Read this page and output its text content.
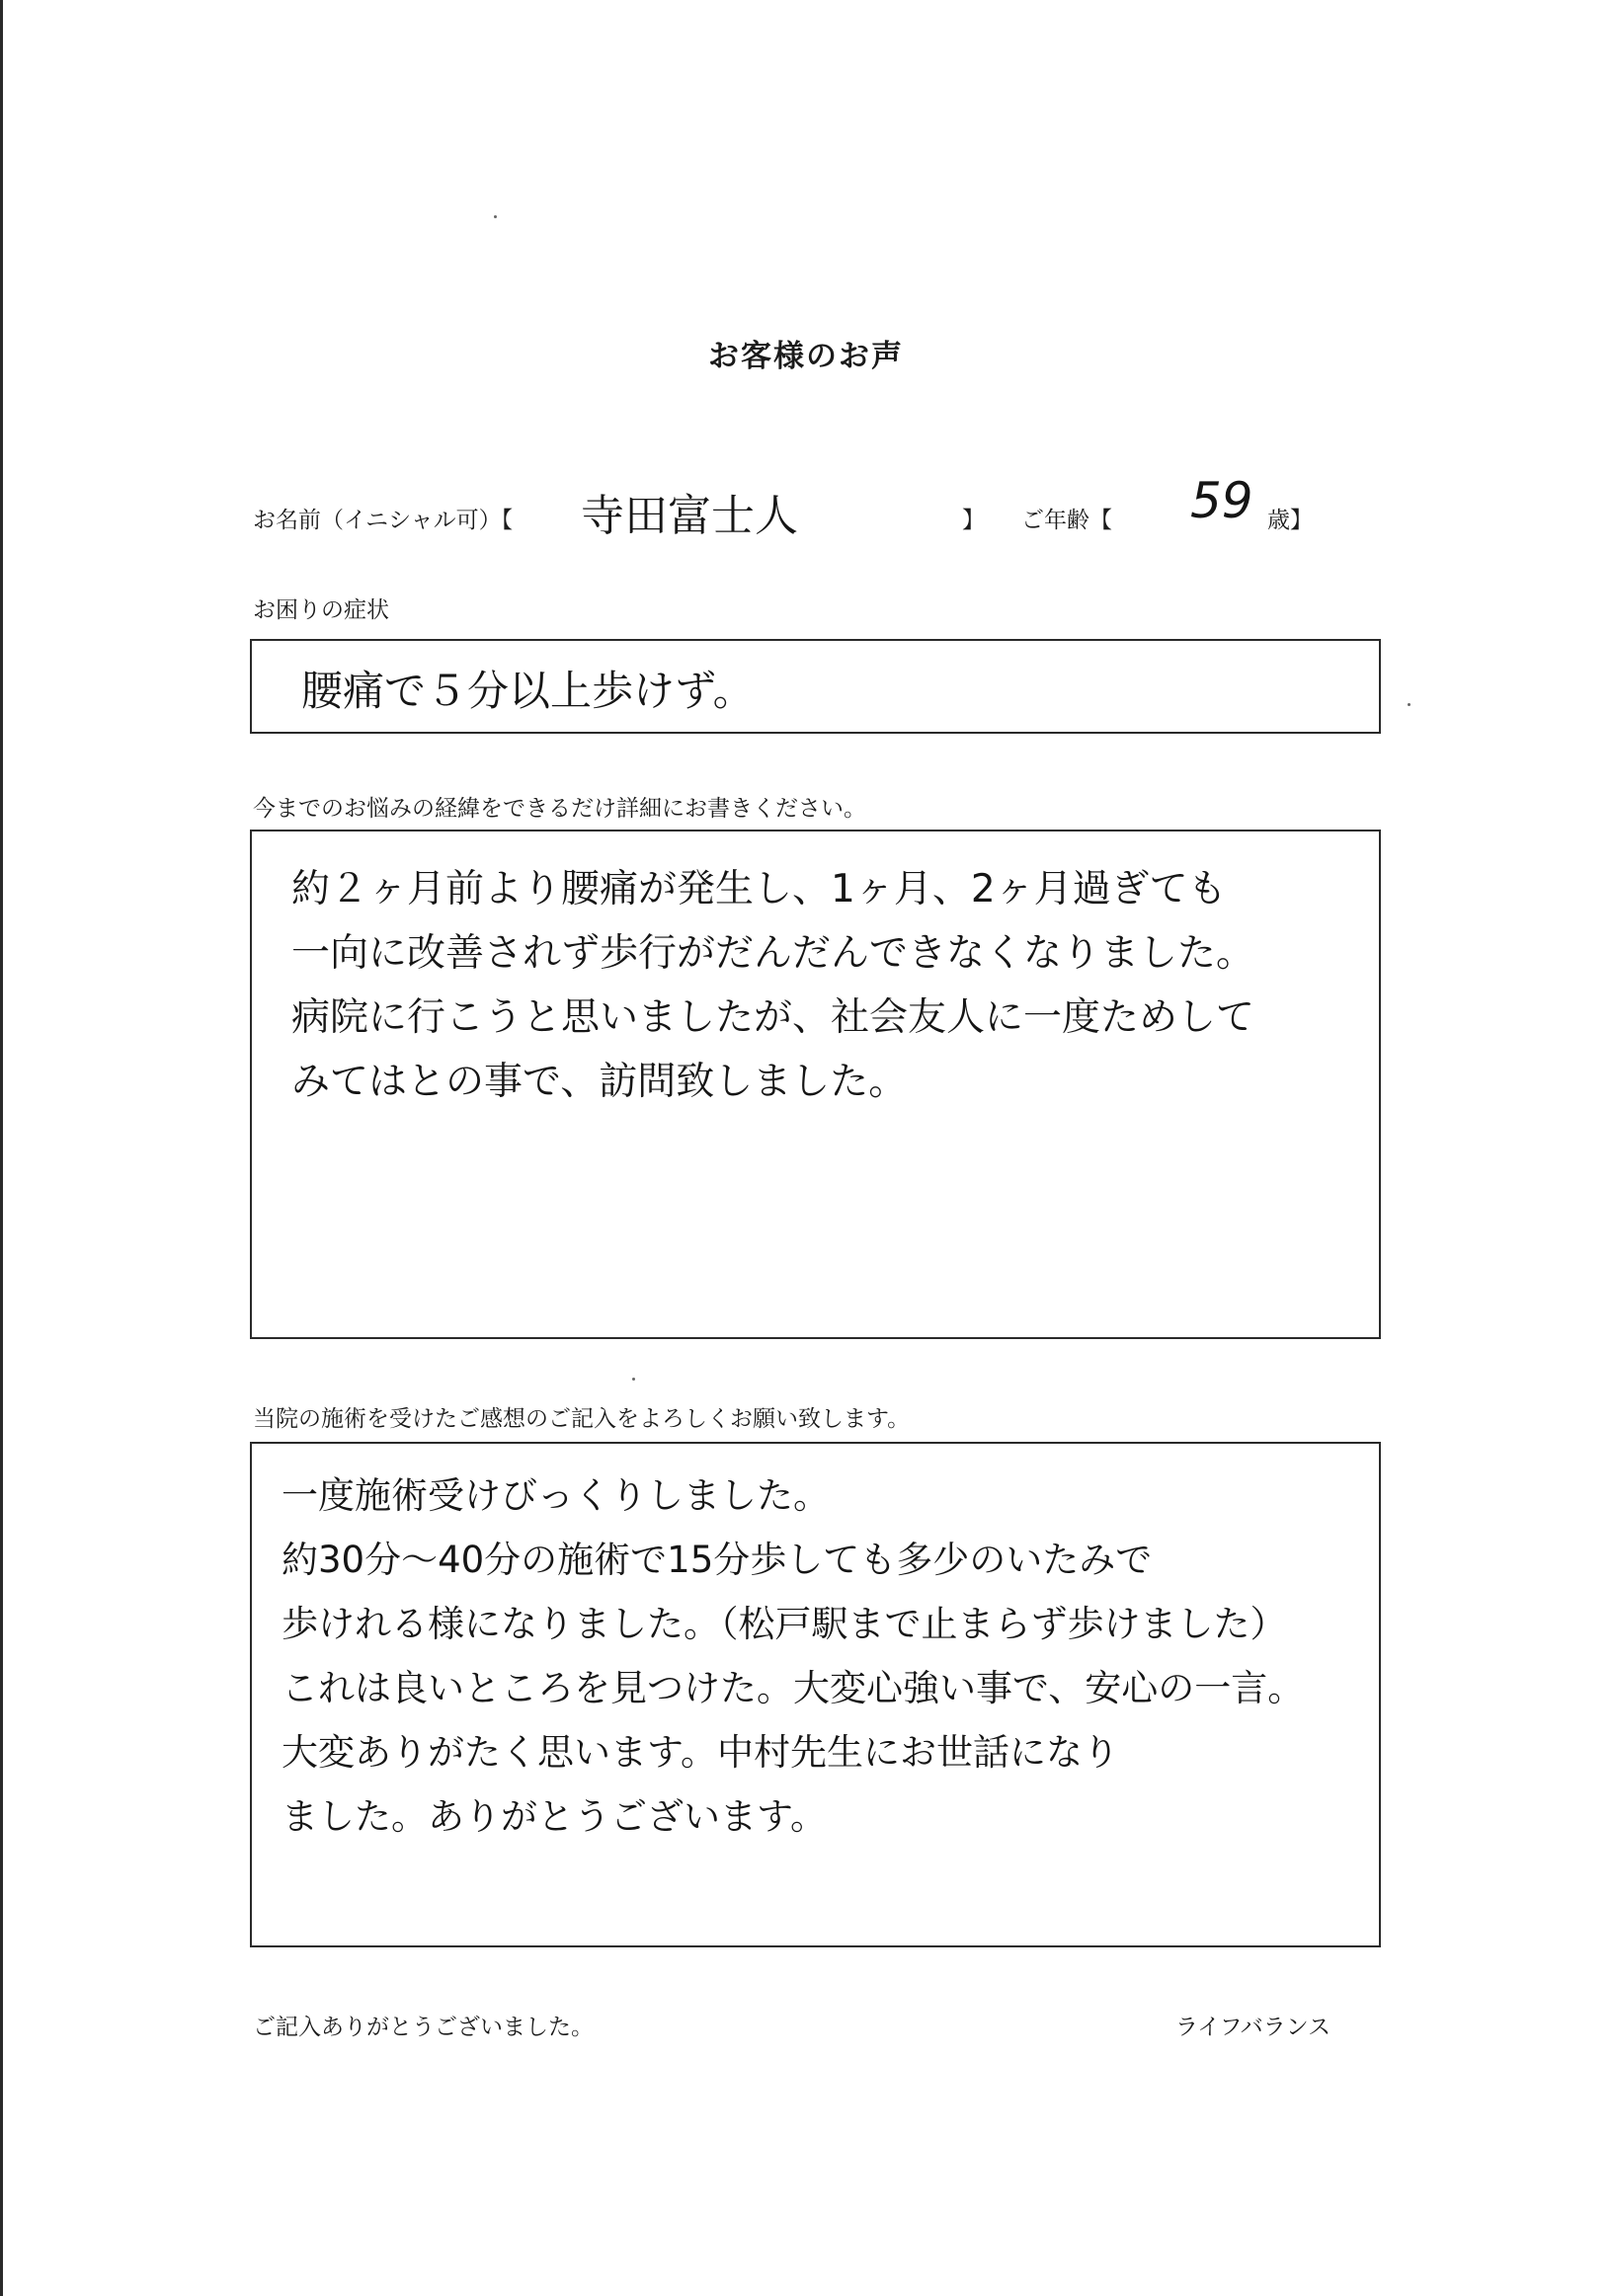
お客様のお声
お名前（イニシャル可）【 寺田富士人	】 ご年齢【 59 歳】
お困りの症状
腰痛で５分以上歩けず。
今までのお悩みの経緯をできるだけ詳細にお書きください。
約２ヶ月前より腰痛が発生し、1ヶ月、2ヶ月過ぎても
一向に改善されず歩行がだんだんできなくなりました。
病院に行こうと思いましたが、社会友人に一度ためして
みてはとの事で、訪問致しました。
当院の施術を受けたご感想のご記入をよろしくお願い致します。
一度施術受けびっくりしました。
約30分～40分の施術で15分歩しても多少のいたみで
歩けれる様になりました。（松戸駅まで止まらず歩けました）
これは良いところを見つけた。大変心強い事で、安心の一言。
大変ありがたく思います。中村先生にお世話になり
ました。ありがとうございます。
ご記入ありがとうございました。	ライフバランス
